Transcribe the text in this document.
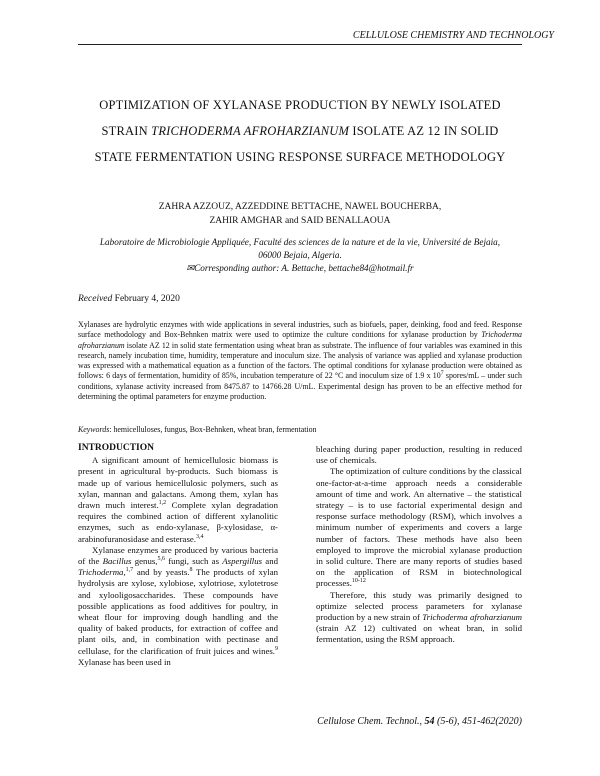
CELLULOSE CHEMISTRY AND TECHNOLOGY
OPTIMIZATION OF XYLANASE PRODUCTION BY NEWLY ISOLATED STRAIN TRICHODERMA AFROHARZIANUM ISOLATE AZ 12 IN SOLID STATE FERMENTATION USING RESPONSE SURFACE METHODOLOGY
ZAHRA AZZOUZ, AZZEDDINE BETTACHE, NAWEL BOUCHERBA,
ZAHIR AMGHAR and SAID BENALLAOUA
Laboratoire de Microbiologie Appliquée, Faculté des sciences de la nature et de la vie, Université de Bejaia, 06000 Bejaia, Algeria.
✉Corresponding author: A. Bettache, bettache84@hotmail.fr
Received February 4, 2020
Xylanases are hydrolytic enzymes with wide applications in several industries, such as biofuels, paper, deinking, food and feed. Response surface methodology and Box-Behnken matrix were used to optimize the culture conditions for xylanase production by Trichoderma afroharzianum isolate AZ 12 in solid state fermentation using wheat bran as substrate. The influence of four variables was examined in this research, namely incubation time, humidity, temperature and inoculum size. The analysis of variance was applied and xylanase production was expressed with a mathematical equation as a function of the factors. The optimal conditions for xylanase production were obtained as follows: 6 days of fermentation, humidity of 85%, incubation temperature of 22 °C and inoculum size of 1.9 x $10^7$ spores/mL – under such conditions, xylanase activity increased from 8475.87 to 14766.28 U/mL. Experimental design has proven to be an effective method for determining the optimal parameters for enzyme production.
Keywords: hemicelluloses, fungus, Box-Behnken, wheat bran, fermentation
INTRODUCTION

A significant amount of hemicellulosic biomass is present in agricultural by-products. Such biomass is made up of various hemicellulosic polymers, such as xylan, mannan and galactans. Among them, xylan has drawn much interest.$^{1,2}$ Complete xylan degradation requires the combined action of different xylanolitic enzymes, such as endo-xylanase, β-xylosidase, α-arabinofuranosidase and esterase.$^{3,4}$

Xylanase enzymes are produced by various bacteria of the Bacillus genus,$^{5,6}$ fungi, such as Aspergillus and Trichoderma,$^{1,7}$ and by yeasts.$^8$ The products of xylan hydrolysis are xylose, xylobiose, xylotriose, xylotetrose and xylooligosaccharides. These compounds have possible applications as food additives for poultry, in wheat flour for improving dough handling and the quality of baked products, for extraction of coffee and plant oils, and, in combination with pectinase and cellulase, for the clarification of fruit juices and wines.$^9$ Xylanase has been used in

bleaching during paper production, resulting in reduced use of chemicals.

The optimization of culture conditions by the classical one-factor-at-a-time approach needs a considerable amount of time and work. An alternative – the statistical strategy – is to use factorial experimental design and response surface methodology (RSM), which involves a minimum number of experiments and covers a large number of factors. These methods have also been employed to improve the microbial xylanase production in solid culture. There are many reports of studies based on the application of RSM in biotechnological processes.$^{10-12}$

Therefore, this study was primarily designed to optimize selected process parameters for xylanase production by a new strain of Trichoderma afroharzianum (strain AZ 12) cultivated on wheat bran, in solid fermentation, using the RSM approach.

Cellulose Chem. Technol., 54 (5-6), 451-462(2020)
